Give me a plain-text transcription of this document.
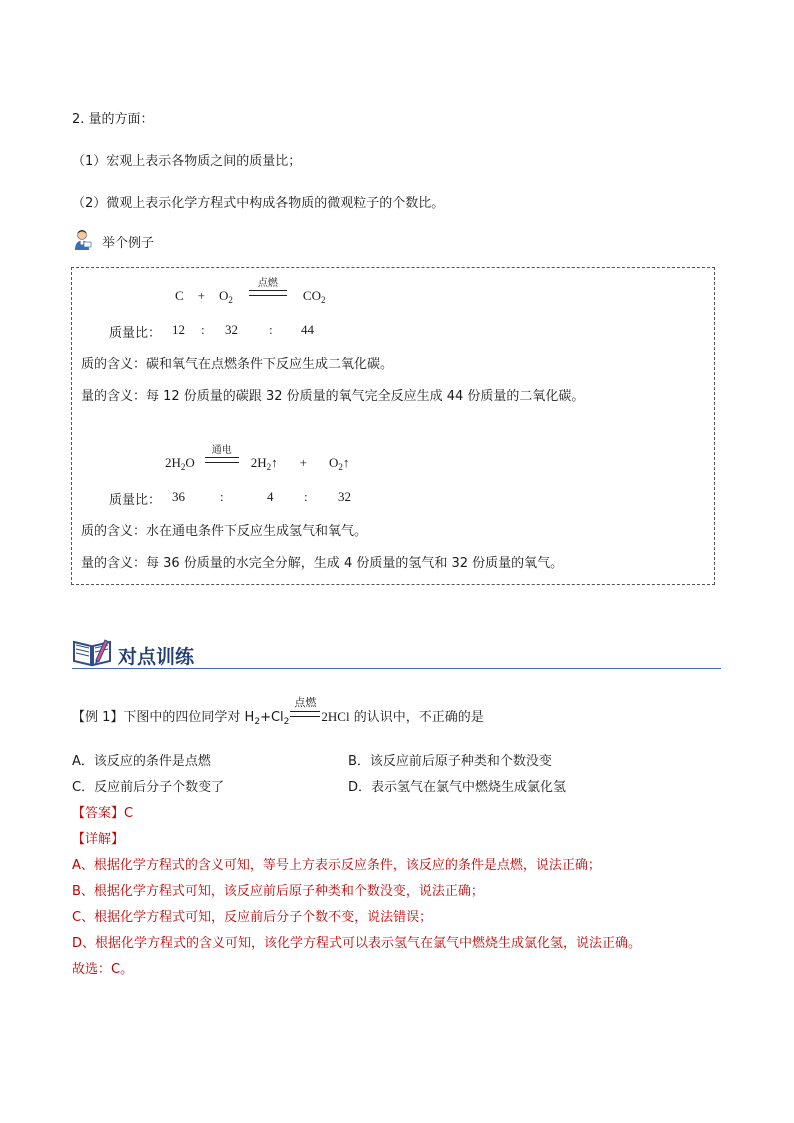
2. 量的方面：
（1）宏观上表示各物质之间的质量比；
（2）微观上表示化学方程式中构成各物质的微观粒子的个数比。
举个例子
$C + O_2$
点燃
$CO_2$
质量比： 12 : 32 : 44
质的含义：碳和氧气在点燃条件下反应生成二氧化碳。
量的含义：每 12 份质量的碳跟 32 份质量的氧气完全反应生成 44 份质量的二氧化碳。
$2H_2O$
通电
$2H_2↑$ + $O_2↑$
质量比： 36	:	4 : 32
质的含义：水在通电条件下反应生成氢气和氧气。
量的含义：每 36 份质量的水完全分解，生成 4 份质量的氢气和 32 份质量的氧气。
对点训练
【例 1】下图中的四位同学对 $H_2+Cl_2$
点燃
2HCl 的认识中，不正确的是
A．该反应的条件是点燃	B．该反应前后原子种类和个数没变
C．反应前后分子个数变了	D．表示氢气在氯气中燃烧生成氯化氢
【答案】C
【详解】
A、根据化学方程式的含义可知，等号上方表示反应条件，该反应的条件是点燃，说法正确；
B、根据化学方程式可知，该反应前后原子种类和个数没变，说法正确；
C、根据化学方程式可知，反应前后分子个数不变，说法错误；
D、根据化学方程式的含义可知，该化学方程式可以表示氢气在氯气中燃烧生成氯化氢，说法正确。
故选：C。
